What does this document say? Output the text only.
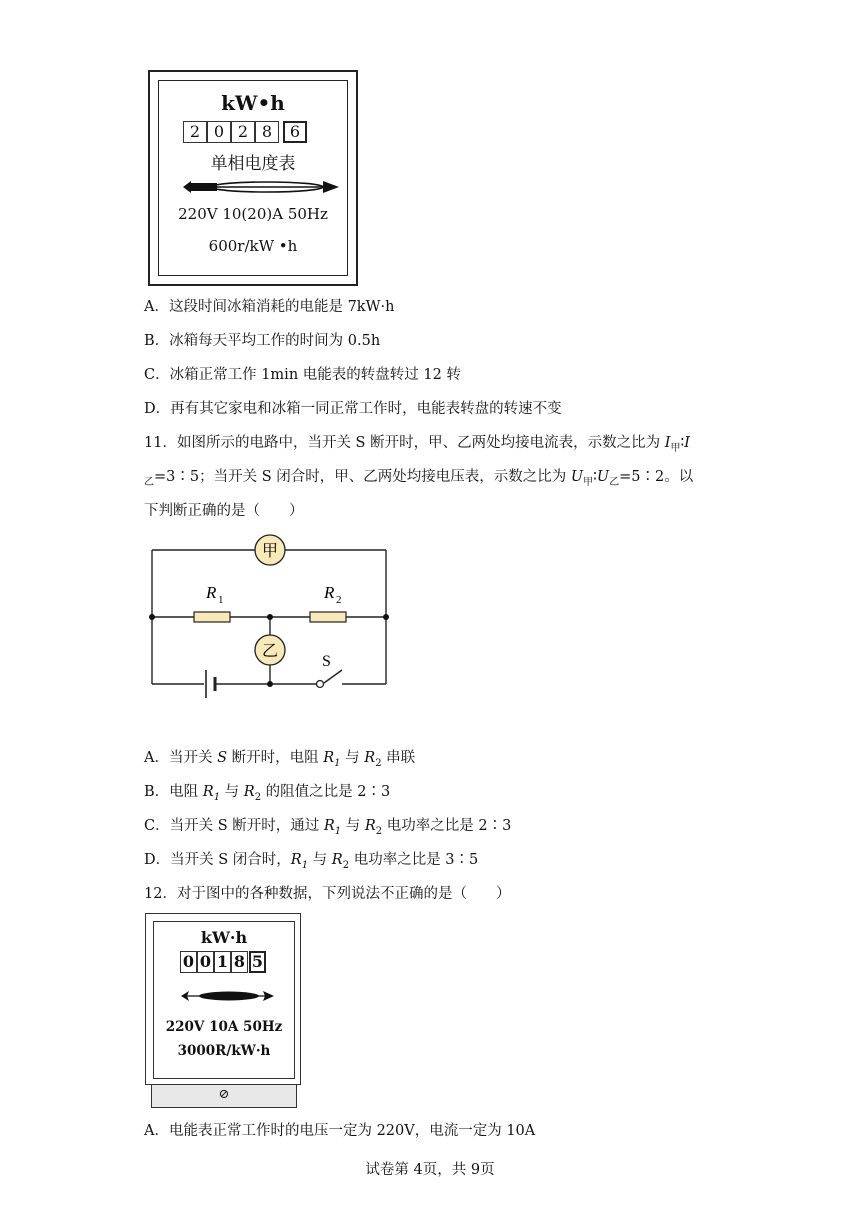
kW•h
2 0 2 8	6
单相电度表
220V 10(20)A 50Hz
600r/kW •h
A．这段时间冰箱消耗的电能是 7kW·h
B．冰箱每天平均工作的时间为 0.5h
C．冰箱正常工作 1min 电能表的转盘转过 12 转
D．再有其它家电和冰箱一同正常工作时，电能表转盘的转速不变
11．如图所示的电路中，当开关 S 断开时，甲、乙两处均接电流表，示数之比为 $I_甲∶I$
$_乙$=3∶5；当开关 S 闭合时，甲、乙两处均接电压表，示数之比为 $U_甲∶U_乙=5∶2$。以
下判断正确的是（　　）
甲
乙
R 1	R 2
S
A．当开关 S 断开时，电阻 $R_1$ 与 $R_2$ 串联
B．电阻 $R_1$ 与 $R_2$ 的阻值之比是 2∶3
C．当开关 S 断开时，通过 $R_1$ 与 $R_2$ 电功率之比是 2∶3
D．当开关 S 闭合时，$R_1$ 与 $R_2$ 电功率之比是 3∶5
12．对于图中的各种数据，下列说法不正确的是（　　）
kW·h
0 0 1 8 5
220V 10A 50Hz
3000R/kW·h
⊘
A．电能表正常工作时的电压一定为 220V，电流一定为 10A
试卷第 4页，共 9页
